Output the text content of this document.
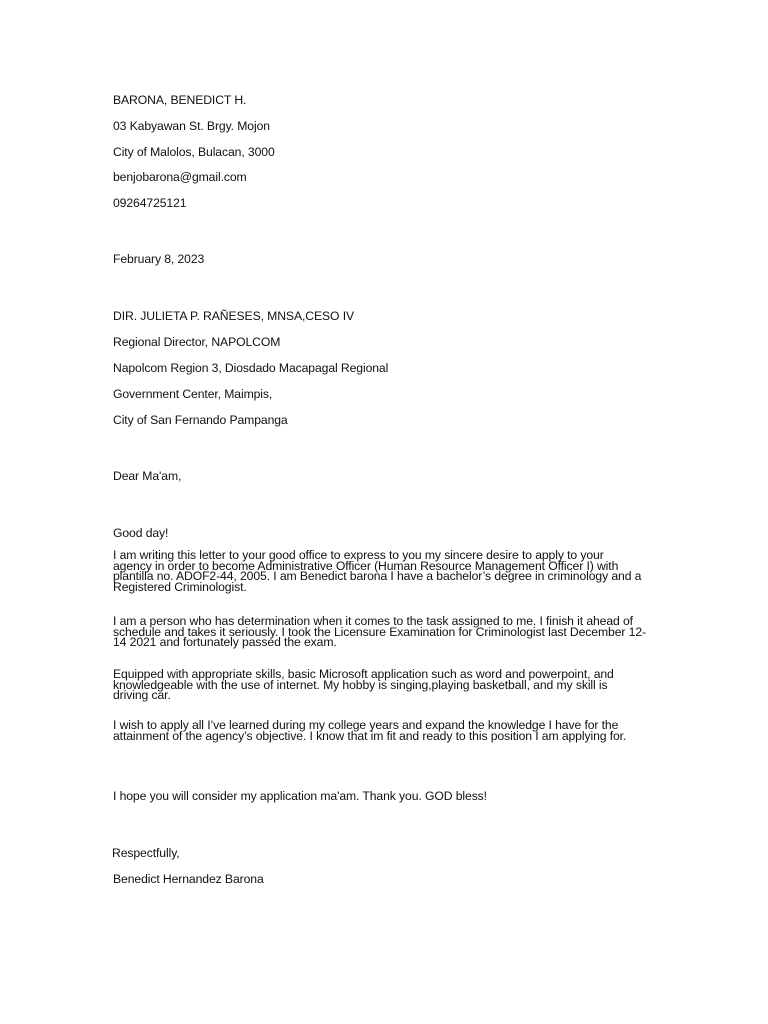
BARONA, BENEDICT H.
03 Kabyawan St. Brgy. Mojon
City of Malolos, Bulacan, 3000
benjobarona@gmail.com
09264725121
February 8, 2023
DIR. JULIETA P. RAÑESES, MNSA,CESO IV
Regional Director, NAPOLCOM
Napolcom Region 3, Diosdado Macapagal Regional
Government Center, Maimpis,
City of San Fernando Pampanga
Dear Ma'am,
Good day!
I am writing this letter to your good office to express to you my sincere desire to apply to your
agency in order to become Administrative Officer (Human Resource Management Officer I) with
plantilla no. ADOF2-44, 2005. I am Benedict barona I have a bachelor’s degree in criminology and a
Registered Criminologist.
I am a person who has determination when it comes to the task assigned to me. I finish it ahead of
schedule and takes it seriously. I took the Licensure Examination for Criminologist last December 12-
14 2021 and fortunately passed the exam.
Equipped with appropriate skills, basic Microsoft application such as word and powerpoint, and
knowledgeable with the use of internet. My hobby is singing,playing basketball, and my skill is
driving car.
I wish to apply all I’ve learned during my college years and expand the knowledge I have for the
attainment of the agency’s objective. I know that im fit and ready to this position I am applying for.
I hope you will consider my application ma'am. Thank you. GOD bless!
Respectfully,
Benedict Hernandez Barona
